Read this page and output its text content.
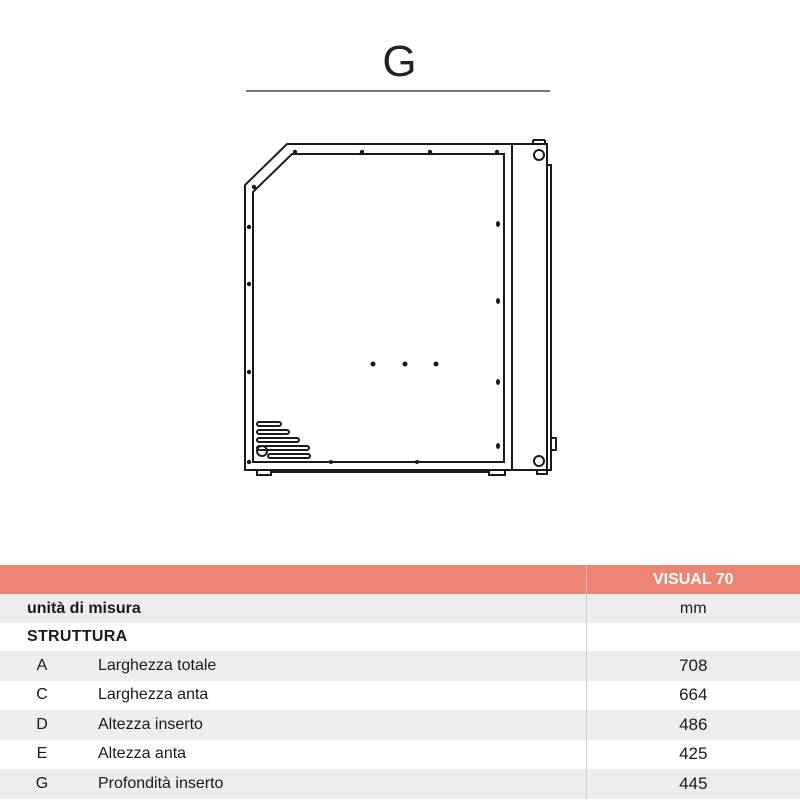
G
		VISUAL 70
unità di misura		mm
STRUTTURA		
A	Larghezza totale	708
C	Larghezza anta	664
D	Altezza inserto	486
E	Altezza anta	425
G	Profondità inserto	445
